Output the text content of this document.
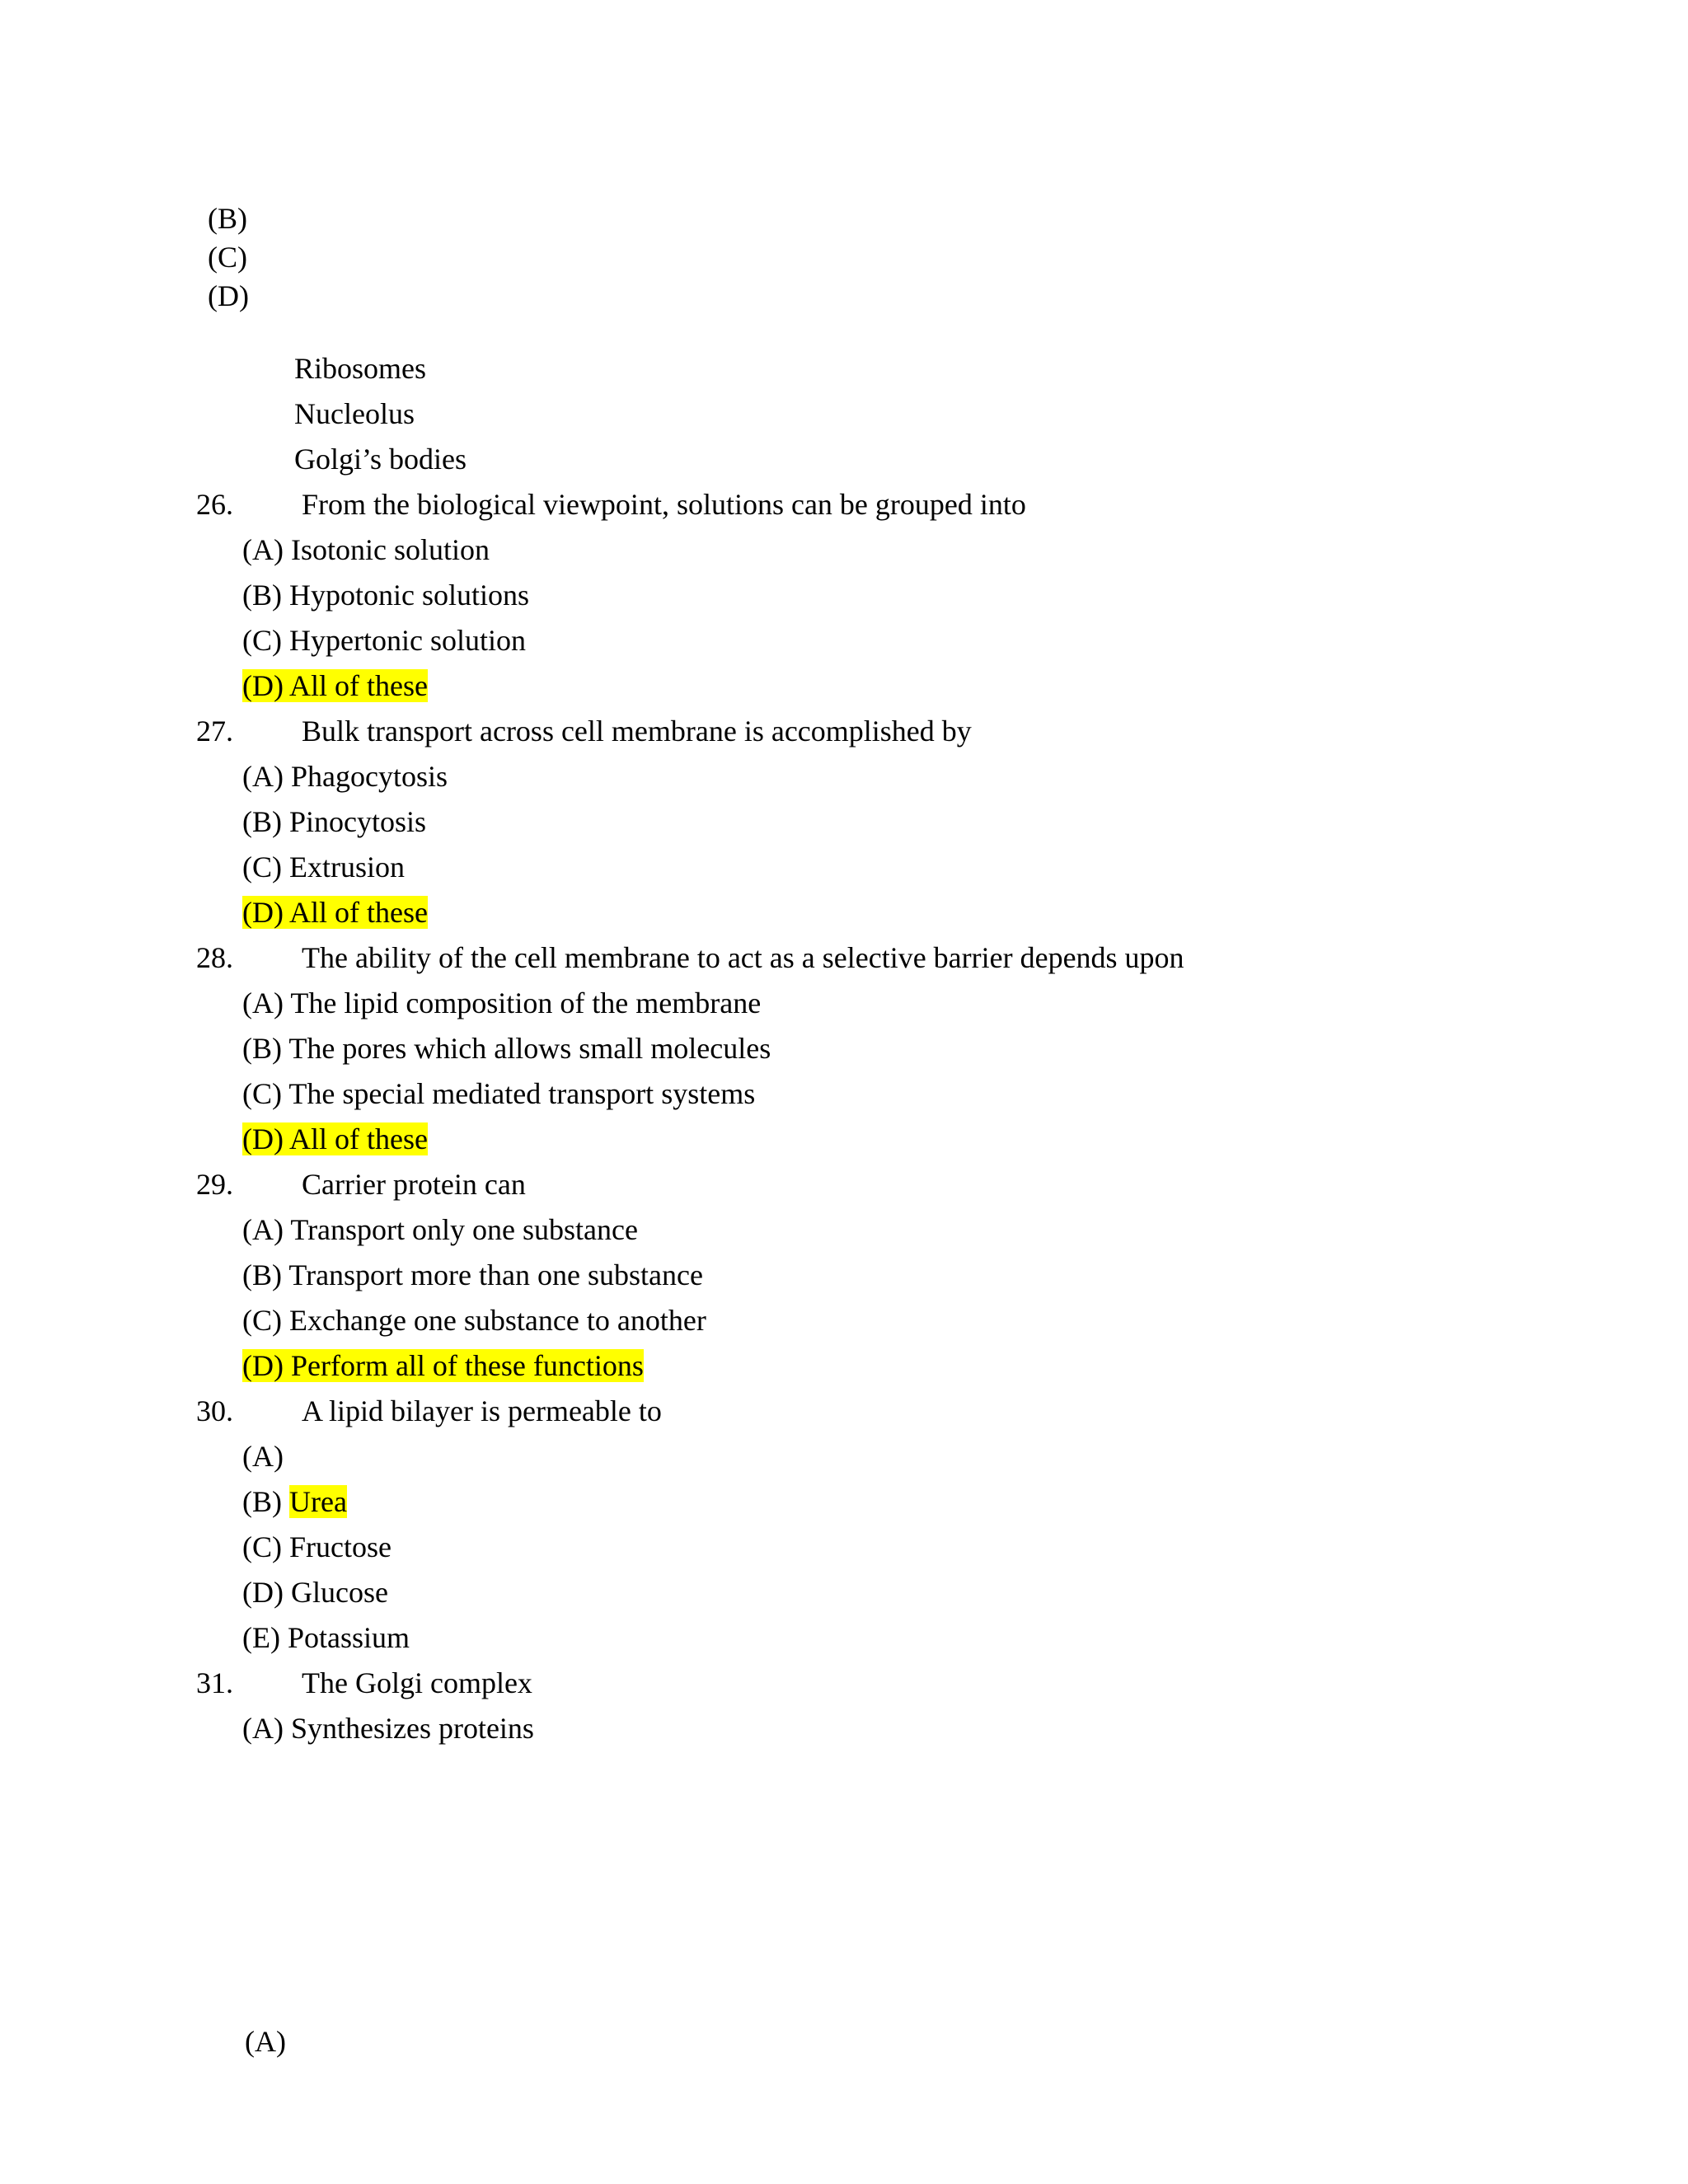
(B)
(C)
(D)
Ribosomes
Nucleolus
Golgi’s bodies
26. From the biological viewpoint, solutions can be grouped into
(A) Isotonic solution
(B) Hypotonic solutions
(C) Hypertonic solution
(D) All of these
27. Bulk transport across cell membrane is accomplished by
(A) Phagocytosis
(B) Pinocytosis
(C) Extrusion
(D) All of these
28. The ability of the cell membrane to act as a selective barrier depends upon
(A) The lipid composition of the membrane
(B) The pores which allows small molecules
(C) The special mediated transport systems
(D) All of these
29. Carrier protein can
(A) Transport only one substance
(B) Transport more than one substance
(C) Exchange one substance to another
(D) Perform all of these functions
30. A lipid bilayer is permeable to
(A)
(B) Urea
(C) Fructose
(D) Glucose
(E) Potassium
31. The Golgi complex
(A) Synthesizes proteins
(A)
